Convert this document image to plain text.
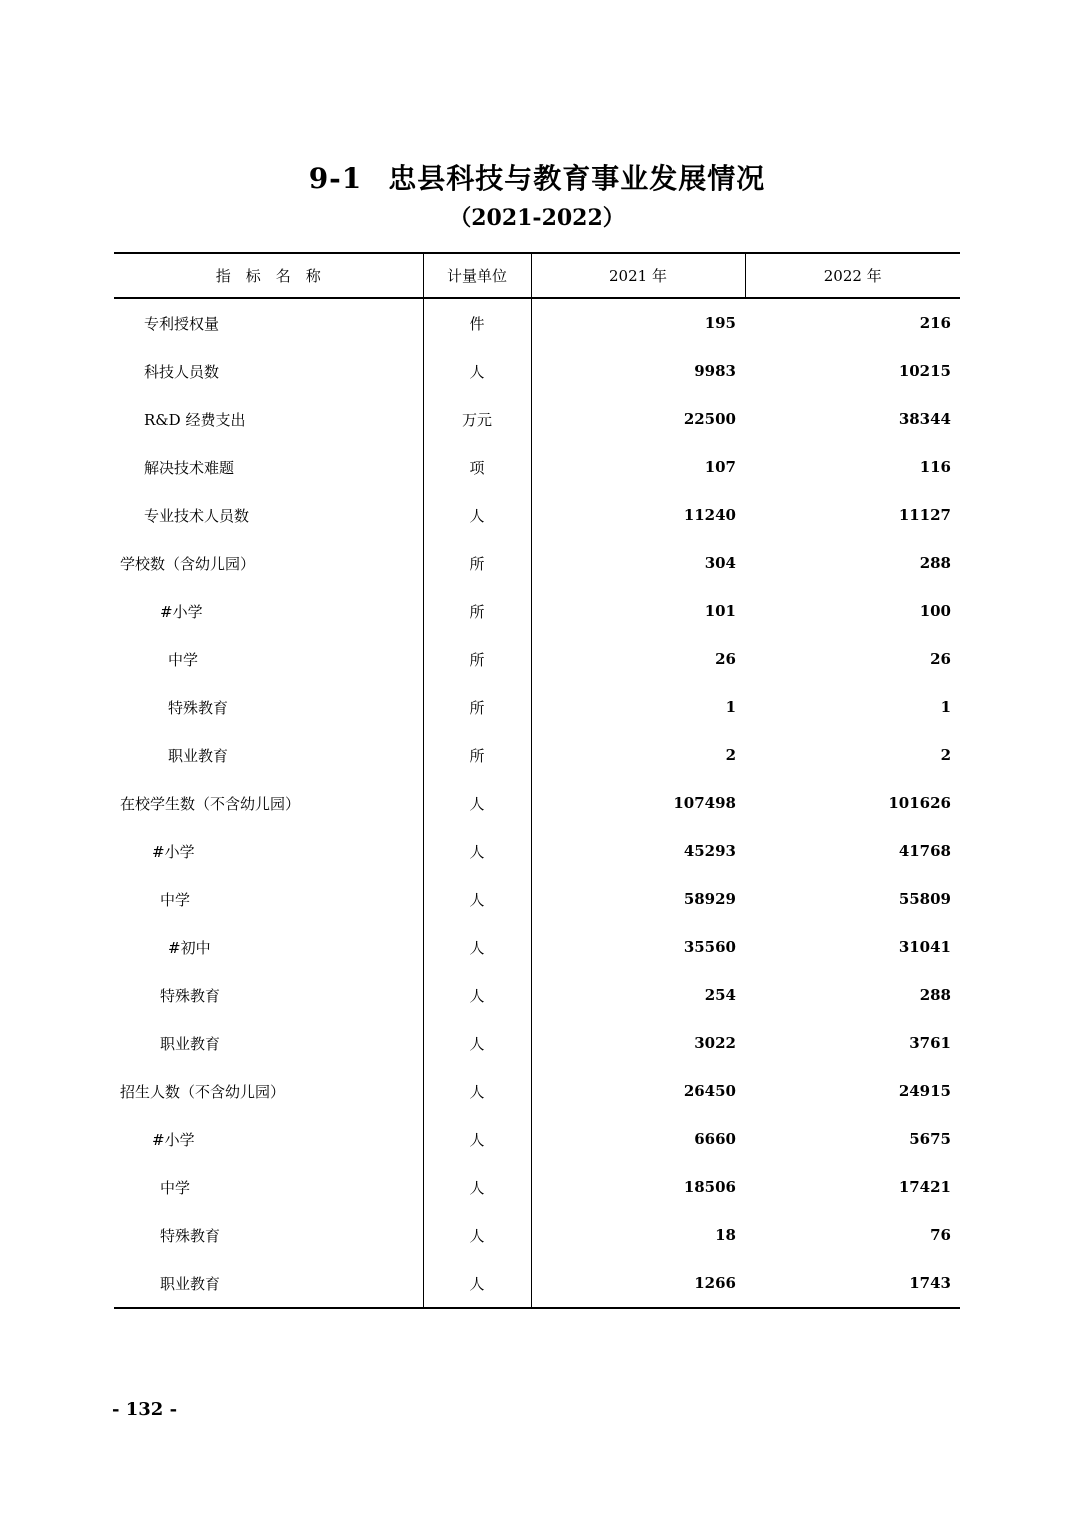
9-1 忠县科技与教育事业发展情况
（2021-2022）
指　标　名　称	计量单位	2021 年	2022 年
专利授权量	件	195	216
科技人员数	人	9983	10215
R&D 经费支出	万元	22500	38344
解决技术难题	项	107	116
专业技术人员数	人	11240	11127
学校数（含幼儿园）	所	304	288
#小学	所	101	100
中学	所	26	26
特殊教育	所	1	1
职业教育	所	2	2
在校学生数（不含幼儿园）	人	107498	101626
#小学	人	45293	41768
中学	人	58929	55809
#初中	人	35560	31041
特殊教育	人	254	288
职业教育	人	3022	3761
招生人数（不含幼儿园）	人	26450	24915
#小学	人	6660	5675
中学	人	18506	17421
特殊教育	人	18	76
职业教育	人	1266	1743
- 132 -
